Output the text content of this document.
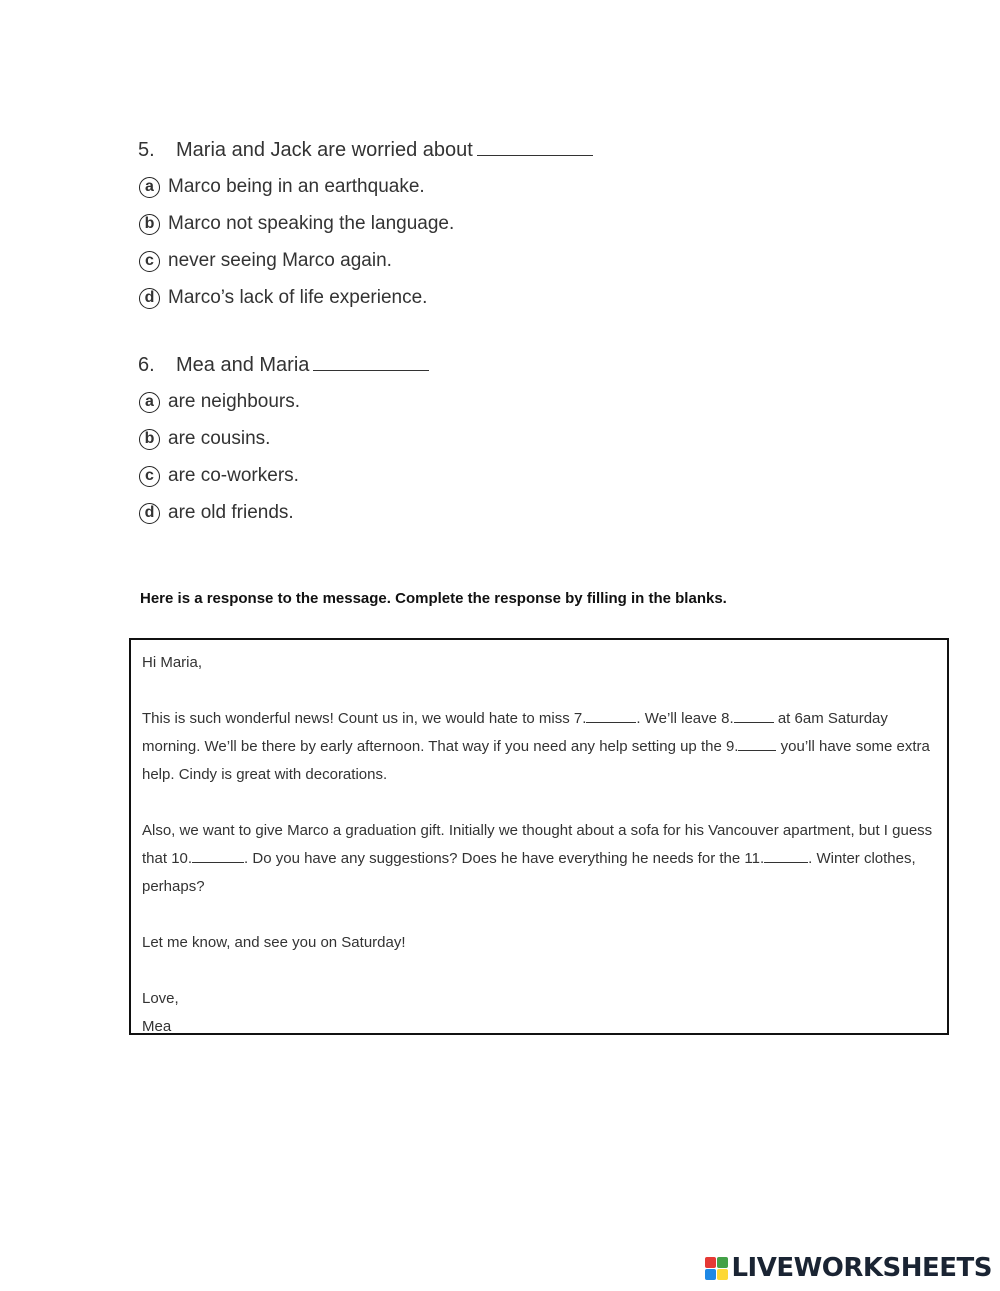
5. Maria and Jack are worried about
a Marco being in an earthquake.
b Marco not speaking the language.
c never seeing Marco again.
d Marco’s lack of life experience.
6. Mea and Maria
a are neighbours.
b are cousins.
c are co-workers.
d are old friends.
Here is a response to the message. Complete the response by filling in the blanks.

Hi Maria,

This is such wonderful news! Count us in, we would hate to miss 7.	. We’ll leave 8.	at 6am Saturday morning. We’ll be there by early afternoon. That way if you need any help setting up the 9.	you’ll have some extra help. Cindy is great with decorations.

Also, we want to give Marco a graduation gift. Initially we thought about a sofa for his Vancouver apartment, but I guess that 10.	. Do you have any suggestions? Does he have everything he needs for the 11.	. Winter clothes, perhaps?

Let me know, and see you on Saturday!

Love,

Mea

LIVEWORKSHEETS
